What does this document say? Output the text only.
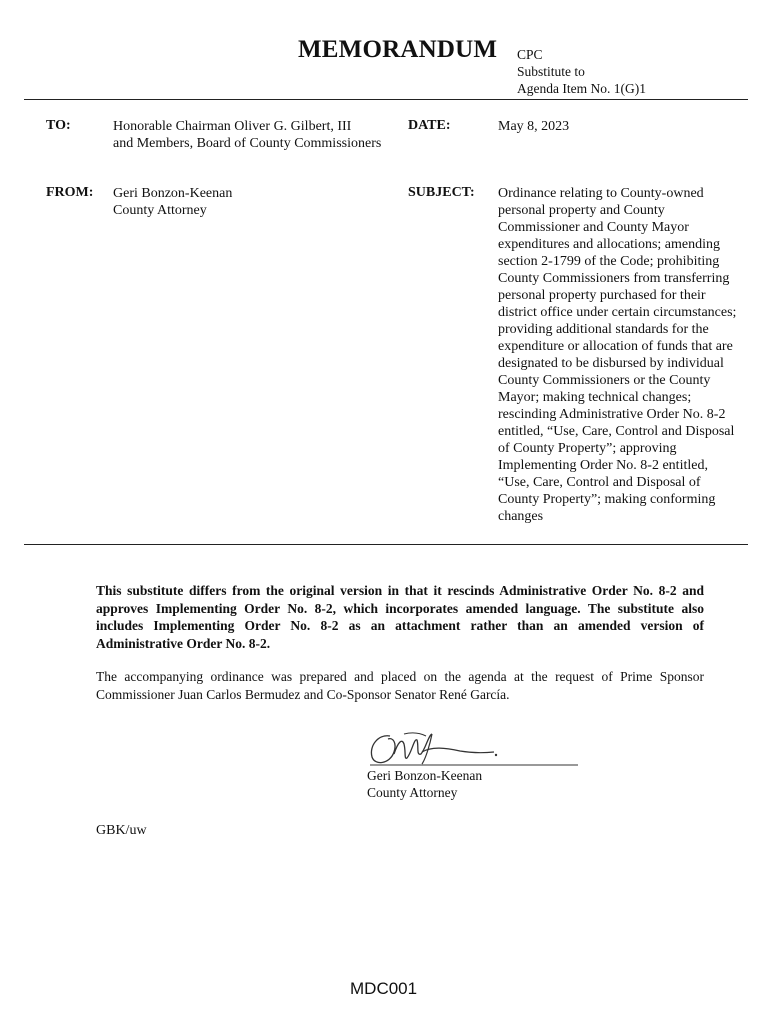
MEMORANDUM CPC
Substitute to
Agenda Item No. 1(G)1
TO:	Honorable Chairman Oliver G. Gilbert, III
and Members, Board of County Commissioners
DATE:	May 8, 2023
FROM: Geri Bonzon-Keenan
County Attorney
SUBJECT: Ordinance relating to County-owned
personal property and County
Commissioner and County Mayor
expenditures and allocations; amending
section 2-1799 of the Code; prohibiting
County Commissioners from transferring
personal property purchased for their
district office under certain circumstances;
providing additional standards for the
expenditure or allocation of funds that are
designated to be disbursed by individual
County Commissioners or the County
Mayor; making technical changes;
rescinding Administrative Order No. 8-2
entitled, “Use, Care, Control and Disposal
of County Property”; approving
Implementing Order No. 8-2 entitled,
“Use, Care, Control and Disposal of
County Property”; making conforming
changes
This substitute differs from the original version in that it rescinds Administrative Order No. 8-2 and approves Implementing Order No. 8-2, which incorporates amended language. The substitute also includes Implementing Order No. 8-2 as an attachment rather than an amended version of Administrative Order No. 8-2.
The accompanying ordinance was prepared and placed on the agenda at the request of Prime Sponsor Commissioner Juan Carlos Bermudez and Co-Sponsor Senator René García.
Geri Bonzon-Keenan
County Attorney
GBK/uw
MDC001
